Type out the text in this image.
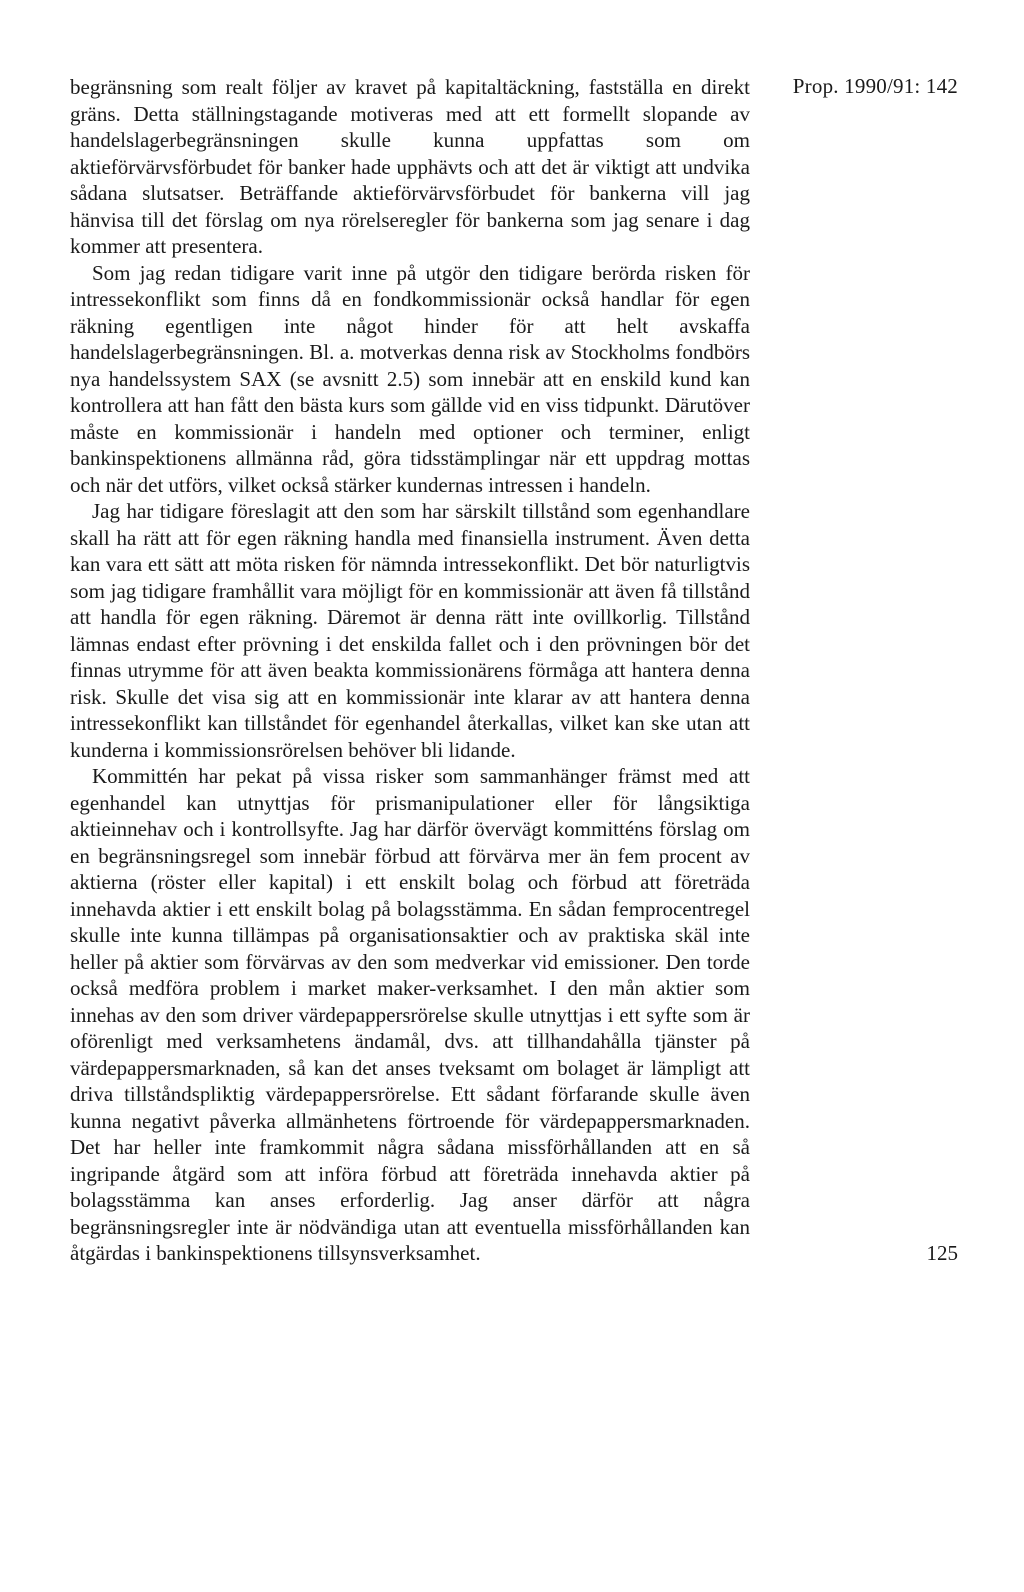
Prop. 1990/91: 142

begränsning som realt följer av kravet på kapitaltäckning, fastställa en direkt gräns. Detta ställningstagande motiveras med att ett formellt slopande av handelslagerbegränsningen skulle kunna uppfattas som om aktieförvärvsförbudet för banker hade upphävts och att det är viktigt att undvika sådana slutsatser. Beträffande aktieförvärvsförbudet för bankerna vill jag hänvisa till det förslag om nya rörelseregler för bankerna som jag senare i dag kommer att presentera.

Som jag redan tidigare varit inne på utgör den tidigare berörda risken för intressekonflikt som finns då en fondkommissionär också handlar för egen räkning egentligen inte något hinder för att helt avskaffa handelslagerbegränsningen. Bl. a. motverkas denna risk av Stockholms fondbörs nya handelssystem SAX (se avsnitt 2.5) som innebär att en enskild kund kan kontrollera att han fått den bästa kurs som gällde vid en viss tidpunkt. Därutöver måste en kommissionär i handeln med optioner och terminer, enligt bankinspektionens allmänna råd, göra tidsstämplingar när ett uppdrag mottas och när det utförs, vilket också stärker kundernas intressen i handeln.

Jag har tidigare föreslagit att den som har särskilt tillstånd som egenhandlare skall ha rätt att för egen räkning handla med finansiella instrument. Även detta kan vara ett sätt att möta risken för nämnda intressekonflikt. Det bör naturligtvis som jag tidigare framhållit vara möjligt för en kommissionär att även få tillstånd att handla för egen räkning. Däremot är denna rätt inte ovillkorlig. Tillstånd lämnas endast efter prövning i det enskilda fallet och i den prövningen bör det finnas utrymme för att även beakta kommissionärens förmåga att hantera denna risk. Skulle det visa sig att en kommissionär inte klarar av att hantera denna intressekonflikt kan tillståndet för egenhandel återkallas, vilket kan ske utan att kunderna i kommissionsrörelsen behöver bli lidande.

Kommittén har pekat på vissa risker som sammanhänger främst med att egenhandel kan utnyttjas för prismanipulationer eller för långsiktiga aktieinnehav och i kontrollsyfte. Jag har därför övervägt kommitténs förslag om en begränsningsregel som innebär förbud att förvärva mer än fem procent av aktierna (röster eller kapital) i ett enskilt bolag och förbud att företräda innehavda aktier i ett enskilt bolag på bolagsstämma. En sådan femprocentregel skulle inte kunna tillämpas på organisationsaktier och av praktiska skäl inte heller på aktier som förvärvas av den som medverkar vid emissioner. Den torde också medföra problem i market maker-verksamhet. I den mån aktier som innehas av den som driver värdepappersrörelse skulle utnyttjas i ett syfte som är oförenligt med verksamhetens ändamål, dvs. att tillhandahålla tjänster på värdepappersmarknaden, så kan det anses tveksamt om bolaget är lämpligt att driva tillståndspliktig värdepappersrörelse. Ett sådant förfarande skulle även kunna negativt påverka allmänhetens förtroende för värdepappersmarknaden. Det har heller inte framkommit några sådana missförhållanden att en så ingripande åtgärd som att införa förbud att företräda innehavda aktier på bolagsstämma kan anses erforderlig. Jag anser därför att några begränsningsregler inte är nödvändiga utan att eventuella missförhållanden kan åtgärdas i bankinspektionens tillsynsverksamhet.	125
